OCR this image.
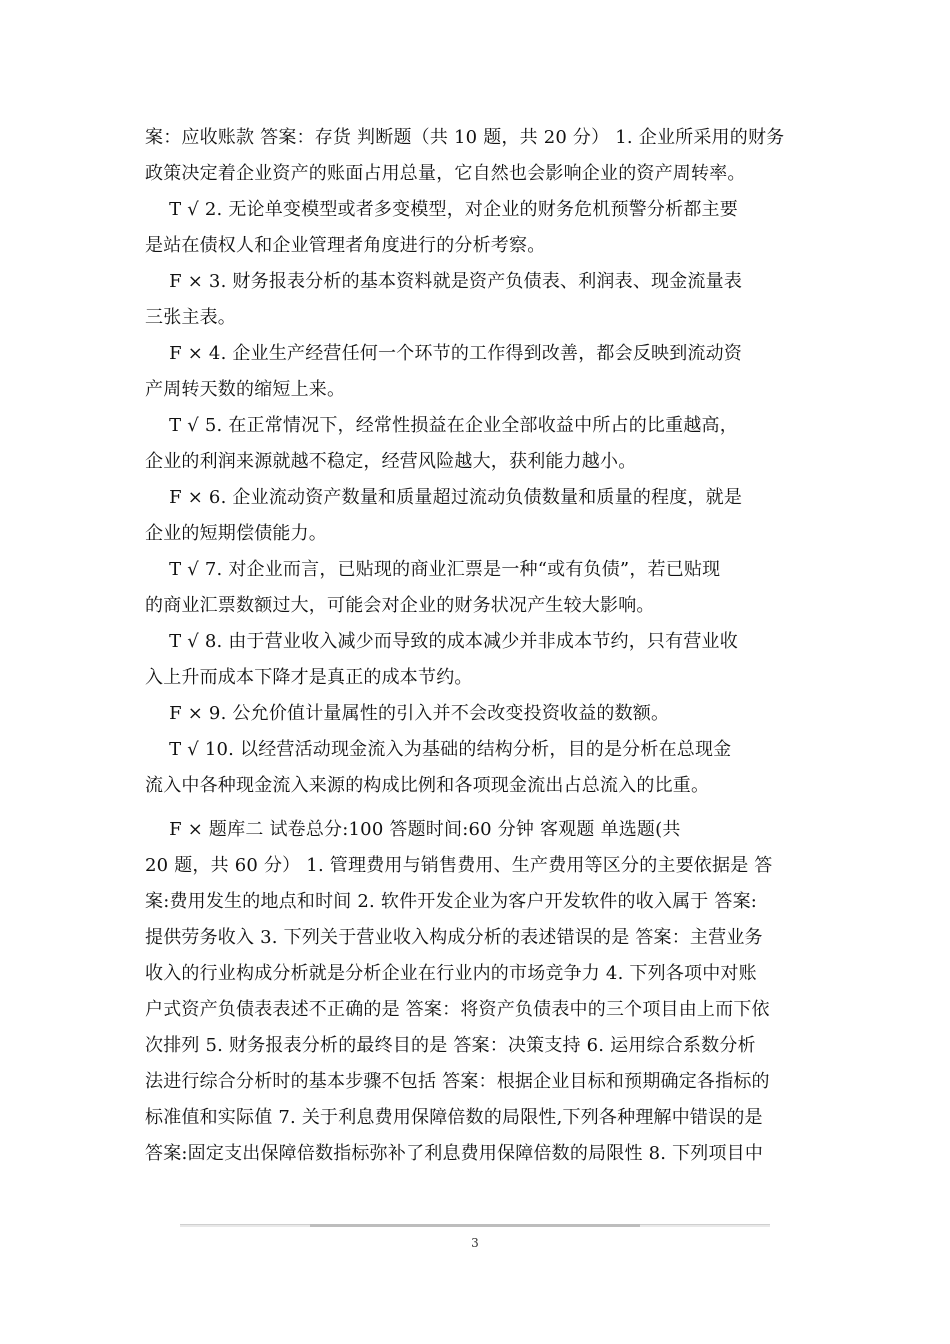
案：应收账款 答案：存货 判断题（共 10 题，共 20 分） 1. 企业所采用的财务
政策决定着企业资产的账面占用总量，它自然也会影响企业的资产周转率。
　 T √ 2. 无论单变模型或者多变模型，对企业的财务危机预警分析都主要
是站在债权人和企业管理者角度进行的分析考察。
　 F × 3. 财务报表分析的基本资料就是资产负债表、利润表、现金流量表
三张主表。
　 F × 4. 企业生产经营任何一个环节的工作得到改善，都会反映到流动资
产周转天数的缩短上来。
　 T √ 5. 在正常情况下，经常性损益在企业全部收益中所占的比重越高，
企业的利润来源就越不稳定，经营风险越大，获利能力越小。
　 F × 6. 企业流动资产数量和质量超过流动负债数量和质量的程度，就是
企业的短期偿债能力。
　 T √ 7. 对企业而言，已贴现的商业汇票是一种“或有负债”，若已贴现
的商业汇票数额过大，可能会对企业的财务状况产生较大影响。
　 T √ 8. 由于营业收入减少而导致的成本减少并非成本节约，只有营业收
入上升而成本下降才是真正的成本节约。
　 F × 9. 公允价值计量属性的引入并不会改变投资收益的数额。
　 T √ 10. 以经营活动现金流入为基础的结构分析，目的是分析在总现金
流入中各种现金流入来源的构成比例和各项现金流出占总流入的比重。
　 F × 题库二 试卷总分:100 答题时间:60 分钟 客观题 单选题(共
20 题，共 60 分） 1. 管理费用与销售费用、生产费用等区分的主要依据是 答
案:费用发生的地点和时间 2. 软件开发企业为客户开发软件的收入属于 答案:
提供劳务收入 3. 下列关于营业收入构成分析的表述错误的是 答案：主营业务
收入的行业构成分析就是分析企业在行业内的市场竞争力 4. 下列各项中对账
户式资产负债表表述不正确的是 答案：将资产负债表中的三个项目由上而下依
次排列 5. 财务报表分析的最终目的是 答案：决策支持 6. 运用综合系数分析
法进行综合分析时的基本步骤不包括 答案：根据企业目标和预期确定各指标的
标准值和实际值 7. 关于利息费用保障倍数的局限性,下列各种理解中错误的是
答案:固定支出保障倍数指标弥补了利息费用保障倍数的局限性 8. 下列项目中
3
